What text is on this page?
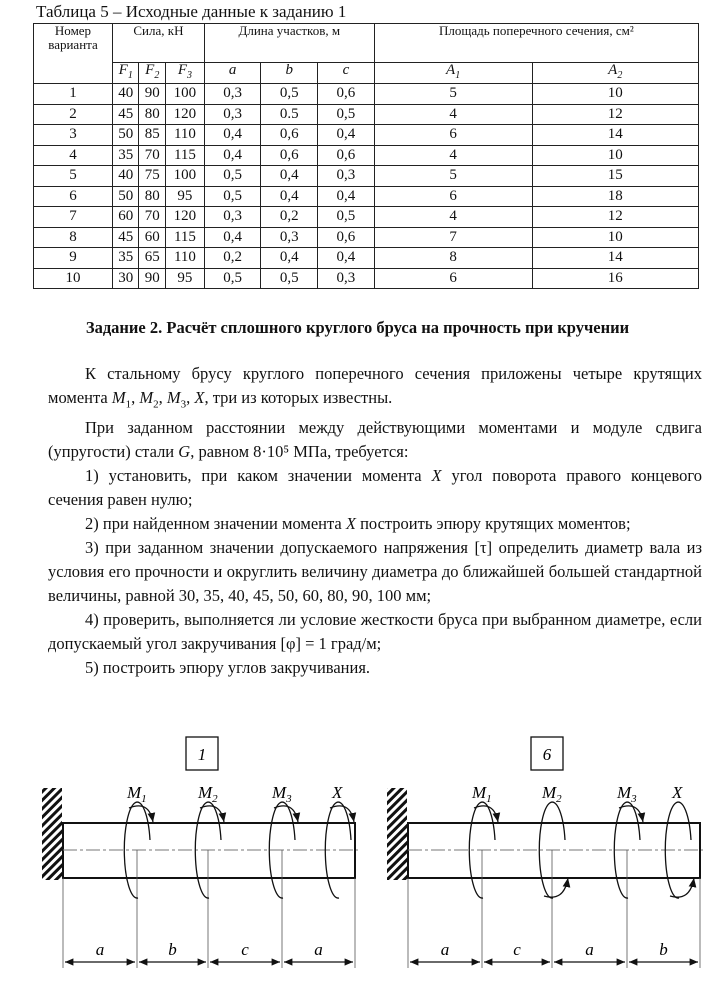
Таблица 5 – Исходные данные к заданию 1
Номер варианта	Сила, кН			Длина участков, м			Площадь поперечного сечения, см²	
	$F_1$	$F_2$	$F_3$	a	b	c	$A_1$	$A_2$
1	40	90	100	0,3	0,5	0,6	5	10
2	45	80	120	0,3	0.5	0,5	4	12
3	50	85	110	0,4	0,6	0,4	6	14
4	35	70	115	0,4	0,6	0,6	4	10
5	40	75	100	0,5	0,4	0,3	5	15
6	50	80	95	0,5	0,4	0,4	6	18
7	60	70	120	0,3	0,2	0,5	4	12
8	45	60	115	0,4	0,3	0,6	7	10
9	35	65	110	0,2	0,4	0,4	8	14
10	30	90	95	0,5	0,5	0,3	6	16
Задание 2. Расчёт сплошного круглого бруса на прочность при кручении

К стальному брусу круглого поперечного сечения приложены четыре крутящих момента $M_1$, $M_2$, $M_3$, X, три из которых известны.

При заданном расстоянии между действующими моментами и модуле сдвига (упругости) стали G, равном 8·10⁵ МПа, требуется:

1) установить, при каком значении момента X угол поворота правого концевого сечения равен нулю;

2) при найденном значении момента X построить эпюру крутящих моментов;

3) при заданном значении допускаемого напряжения [τ] определить диаметр вала из условия его прочности и округлить величину диаметра до ближайшей большей стандартной величины, равной 30, 35, 40, 45, 50, 60, 80, 90, 100 мм;

4) проверить, выполняется ли условие жесткости бруса при выбранном диаметре, если допускаемый угол закручивания [φ] = 1 град/м;

5) построить эпюру углов закручивания.

1
$M_1$	$M_2$	$M_3$ X
a	b	c	a
6
$M_1$	$M_2$	$M_3$ X
a	c	a	b
